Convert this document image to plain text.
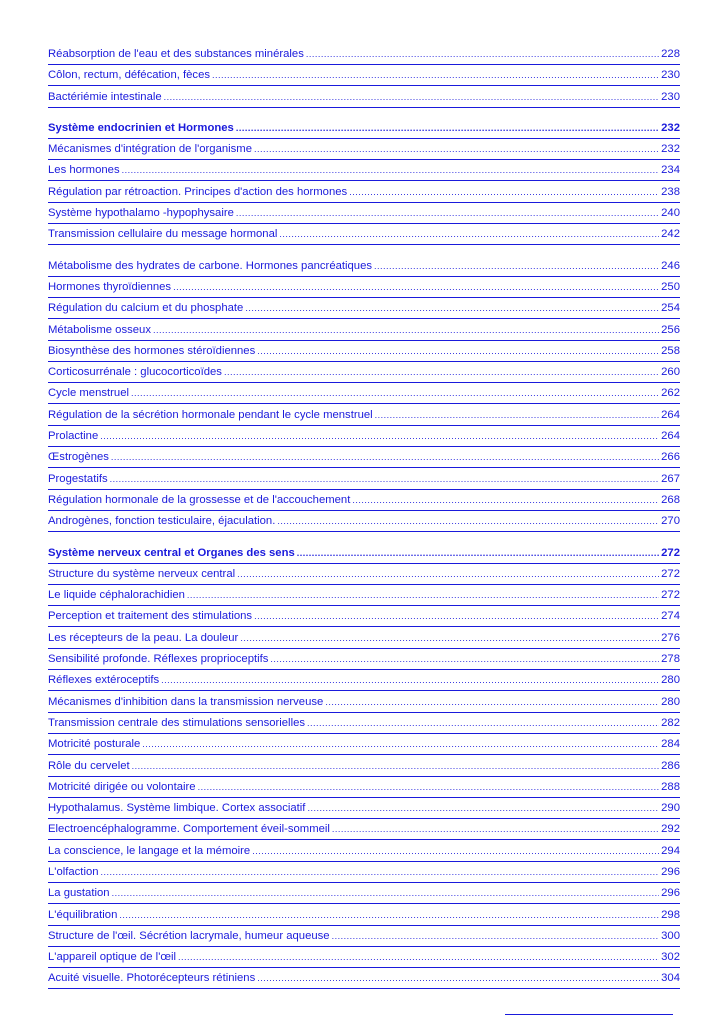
Réabsorption de l'eau et des substances minérales .....	228
Côlon, rectum, défécation, fèces .....	230
Bactériémie intestinale .....	230
Système endocrinien et Hormones .....	232
Mécanismes d'intégration de l'organisme .....	232
Les hormones .....	234
Régulation par rétroaction. Principes d'action des hormones .....	238
Système hypothalamo -hypophysaire .....	240
Transmission cellulaire du message hormonal .....	242
Métabolisme des hydrates de carbone. Hormones pancréatiques .....	246
Hormones thyroïdiennes .....	250
Régulation du calcium et du phosphate .....	254
Métabolisme osseux .....	256
Biosynthèse des hormones stéroïdiennes .....	258
Corticosurrénale : glucocorticoïdes .....	260
Cycle menstruel .....	262
Régulation de la sécrétion hormonale pendant le cycle menstruel .....	264
Prolactine .....	264
Œstrogènes .....	266
Progestatifs .....	267
Régulation hormonale de la grossesse et de l'accouchement .....	268
Androgènes, fonction testiculaire, éjaculation. .....	270
Système nerveux central et Organes des sens .....	272
Structure du système nerveux central .....	272
Le liquide céphalorachidien .....	272
Perception et traitement des stimulations .....	274
Les récepteurs de la peau. La douleur .....	276
Sensibilité profonde. Réflexes proprioceptifs .....	278
Réflexes extéroceptifs .....	280
Mécanismes d'inhibition dans la transmission nerveuse .....	280
Transmission centrale des stimulations sensorielles .....	282
Motricité posturale .....	284
Rôle du cervelet .....	286
Motricité dirigée ou volontaire .....	288
Hypothalamus. Système limbique. Cortex associatif .....	290
Electroencéphalogramme. Comportement éveil-sommeil .....	292
La conscience, le langage et la mémoire .....	294
L'olfaction .....	296
La gustation .....	296
L'équilibration .....	298
Structure de l'œil. Sécrétion lacrymale, humeur aqueuse .....	300
L'appareil optique de l'œil .....	302
Acuité visuelle. Photorécepteurs rétiniens .....	304
